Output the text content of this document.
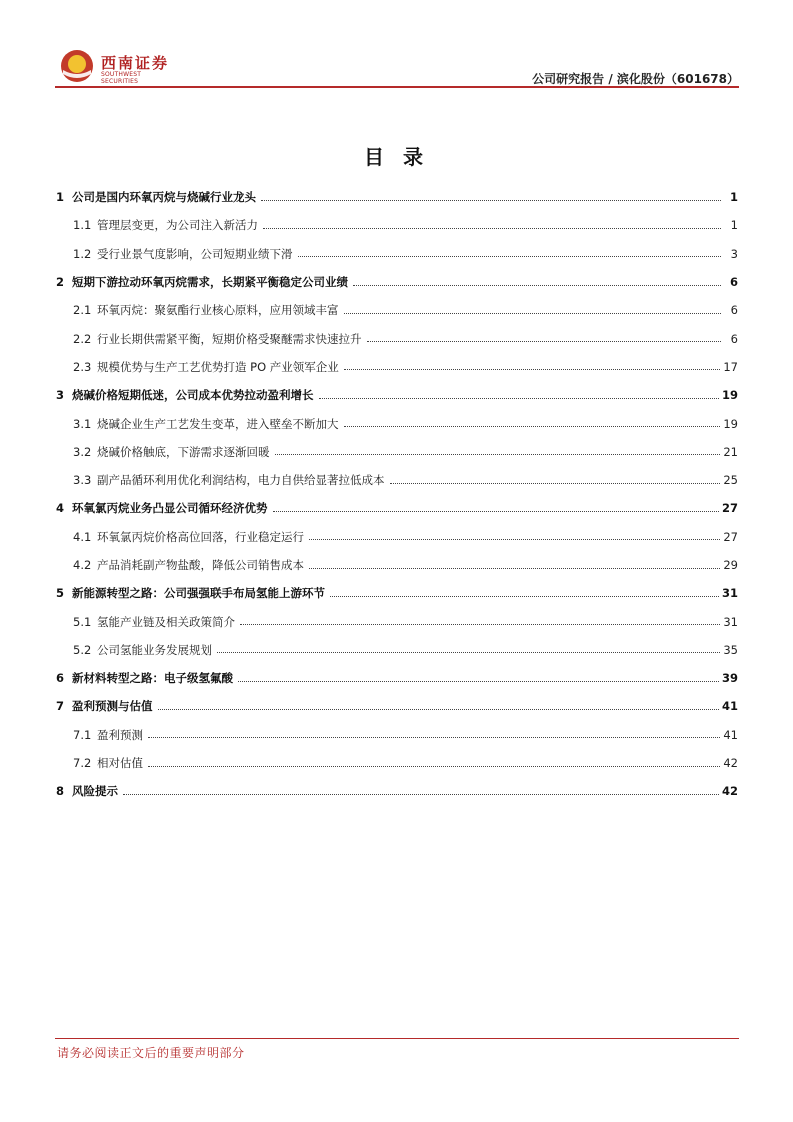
西南证券
SOUTHWEST SECURITIES	公司研究报告 / 滨化股份（601678）
目 录
1 公司是国内环氧丙烷与烧碱行业龙头	1
1.1 管理层变更，为公司注入新活力	1
1.2 受行业景气度影响，公司短期业绩下滑	3
2 短期下游拉动环氧丙烷需求，长期紧平衡稳定公司业绩	6
2.1 环氧丙烷：聚氨酯行业核心原料，应用领域丰富	6
2.2 行业长期供需紧平衡，短期价格受聚醚需求快速拉升	6
2.3 规模优势与生产工艺优势打造 PO 产业领军企业	17
3 烧碱价格短期低迷，公司成本优势拉动盈利增长	19
3.1 烧碱企业生产工艺发生变革，进入壁垒不断加大	19
3.2 烧碱价格触底，下游需求逐渐回暖	21
3.3 副产品循环利用优化利润结构，电力自供给显著拉低成本	25
4 环氧氯丙烷业务凸显公司循环经济优势	27
4.1 环氧氯丙烷价格高位回落，行业稳定运行	27
4.2 产品消耗副产物盐酸，降低公司销售成本	29
5 新能源转型之路：公司强强联手布局氢能上游环节	31
5.1 氢能产业链及相关政策简介	31
5.2 公司氢能业务发展规划	35
6 新材料转型之路：电子级氢氟酸	39
7 盈利预测与估值	41
7.1 盈利预测	41
7.2 相对估值	42
8 风险提示	42
请务必阅读正文后的重要声明部分
